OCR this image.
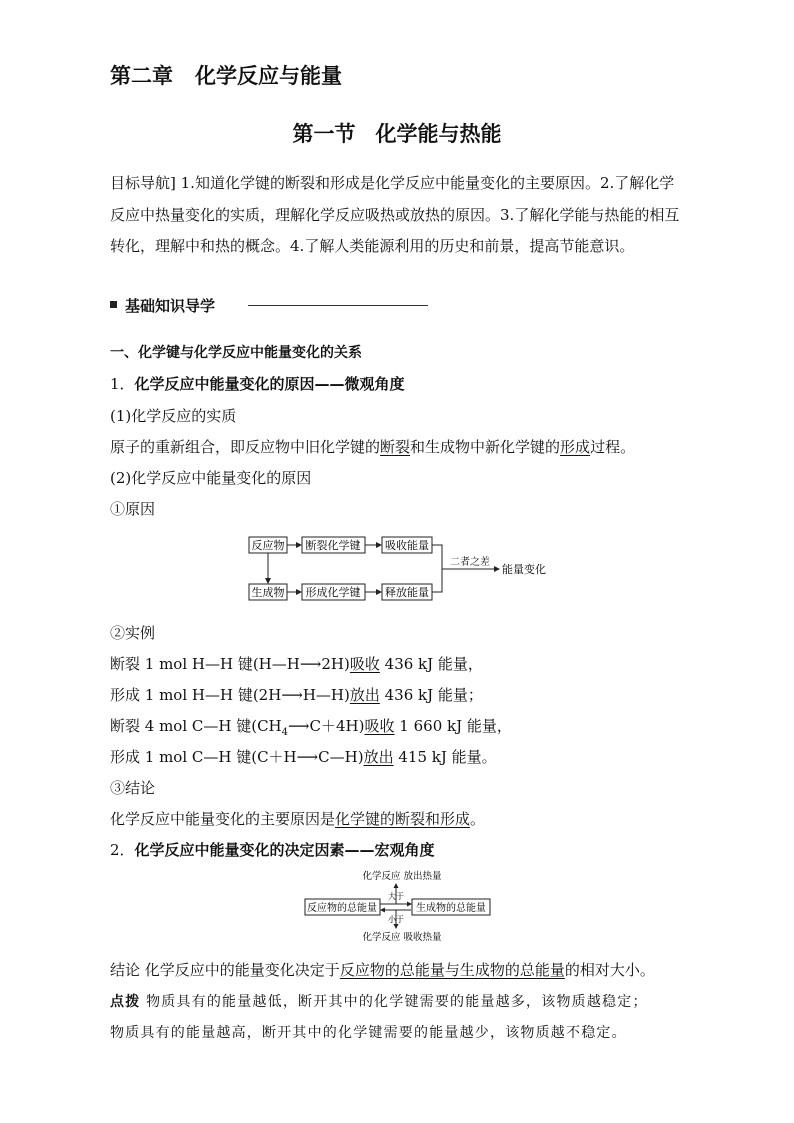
第二章 化学反应与能量
第一节 化学能与热能
目标导航] 1.知道化学键的断裂和形成是化学反应中能量变化的主要原因。2.了解化学反应中热量变化的实质，理解化学反应吸热或放热的原因。3.了解化学能与热能的相互转化，理解中和热的概念。4.了解人类能源利用的历史和前景，提高节能意识。
基础知识导学
一、化学键与化学反应中能量变化的关系
1．化学反应中能量变化的原因——微观角度
(1)化学反应的实质
原子的重新组合，即反应物中旧化学键的断裂和生成物中新化学键的形成过程。
(2)化学反应中能量变化的原因
①原因
反应物 断裂化学键 吸收能量
生成物 形成化学键 释放能量
二者之差
能量变化
②实例
断裂 1 mol H—H 键(H—H⟶2H)吸收 436 kJ 能量，
形成 1 mol H—H 键(2H⟶H—H)放出 436 kJ 能量；
断裂 4 mol C—H 键$(CH_4⟶C+4H)$吸收 1 660 kJ 能量，
形成 1 mol C—H 键(C＋H⟶C—H)放出 415 kJ 能量。
③结论
化学反应中能量变化的主要原因是化学键的断裂和形成。
2．化学反应中能量变化的决定因素——宏观角度
化学反应 放出热量
反应物的总能量	生成物的总能量
大于
小于
化学反应 吸收热量
结论 化学反应中的能量变化决定于反应物的总能量与生成物的总能量的相对大小。
点拨 物质具有的能量越低，断开其中的化学键需要的能量越多，该物质越稳定；
物质具有的能量越高，断开其中的化学键需要的能量越少，该物质越不稳定。
